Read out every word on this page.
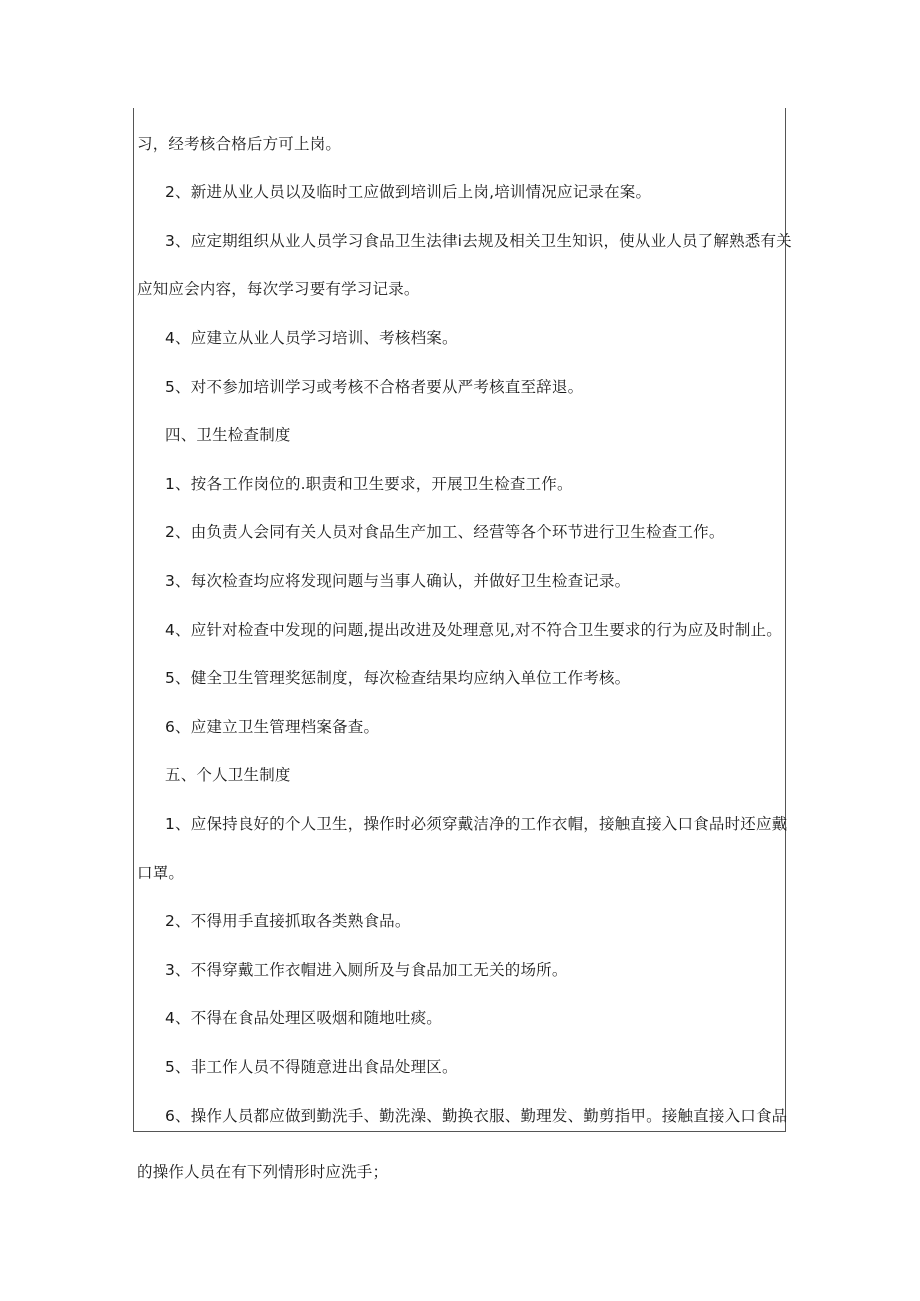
习，经考核合格后方可上岗。
2、新进从业人员以及临时工应做到培训后上岗,培训情况应记录在案。
3、应定期组织从业人员学习食品卫生法律i去规及相关卫生知识，使从业人员了解熟悉有关
应知应会内容，每次学习要有学习记录。
4、应建立从业人员学习培训、考核档案。
5、对不参加培训学习或考核不合格者要从严考核直至辞退。
四、卫生检查制度
1、按各工作岗位的.职责和卫生要求，开展卫生检查工作。
2、由负责人会同有关人员对食品生产加工、经营等各个环节进行卫生检查工作。
3、每次检查均应将发现问题与当事人确认，并做好卫生检查记录。
4、应针对检查中发现的问题,提出改进及处理意见,对不符合卫生要求的行为应及时制止。
5、健全卫生管理奖惩制度，每次检查结果均应纳入单位工作考核。
6、应建立卫生管理档案备查。
五、个人卫生制度
1、应保持良好的个人卫生，操作时必须穿戴洁净的工作衣帽，接触直接入口食品时还应戴
口罩。
2、不得用手直接抓取各类熟食品。
3、不得穿戴工作衣帽进入厕所及与食品加工无关的场所。
4、不得在食品处理区吸烟和随地吐痰。
5、非工作人员不得随意进出食品处理区。
6、操作人员都应做到勤洗手、勤洗澡、勤换衣服、勤理发、勤剪指甲。接触直接入口食品
的操作人员在有下列情形时应洗手；
